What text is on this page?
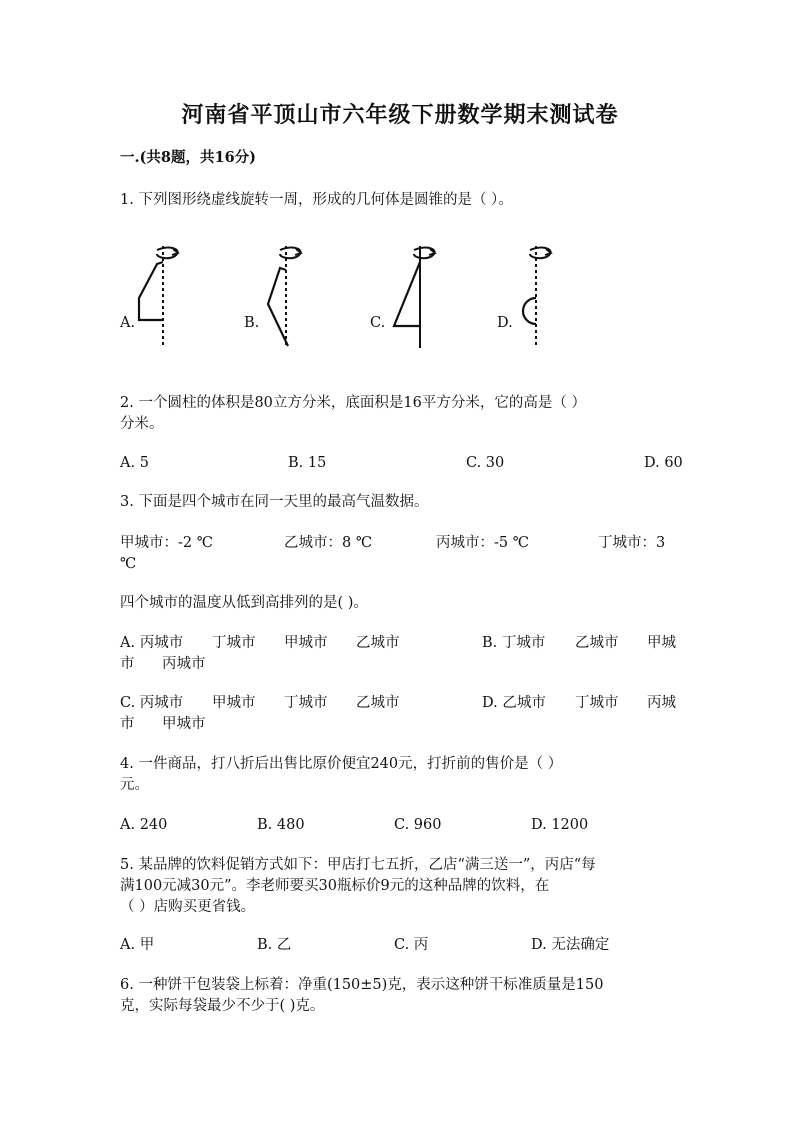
河南省平顶山市六年级下册数学期末测试卷
一.(共8题，共16分)
1. 下列图形绕虚线旋转一周，形成的几何体是圆锥的是（ ）。
A.	B.	C.	D.
2. 一个圆柱的体积是80立方分米，底面积是16平方分米，它的高是（ ）
分米。
A. 5	B. 15	C. 30	D. 60
3. 下面是四个城市在同一天里的最高气温数据。
甲城市：-2 ℃	乙城市：8 ℃	丙城市：-5 ℃	丁城市：3
℃
四个城市的温度从低到高排列的是( )。
A. 丙城市 丁城市 甲城市 乙城市	B. 丁城市 乙城市 甲城
市 丙城市
C. 丙城市 甲城市 丁城市 乙城市	D. 乙城市 丁城市 丙城
市 甲城市
4. 一件商品，打八折后出售比原价便宜240元，打折前的售价是（ ）
元。
A. 240	B. 480	C. 960	D. 1200
5. 某品牌的饮料促销方式如下：甲店打七五折，乙店“满三送一”，丙店“每
满100元减30元”。李老师要买30瓶标价9元的这种品牌的饮料，在
（ ）店购买更省钱。
A. 甲	B. 乙	C. 丙	D. 无法确定
6. 一种饼干包装袋上标着：净重(150±5)克，表示这种饼干标准质量是150
克，实际每袋最少不少于( )克。
